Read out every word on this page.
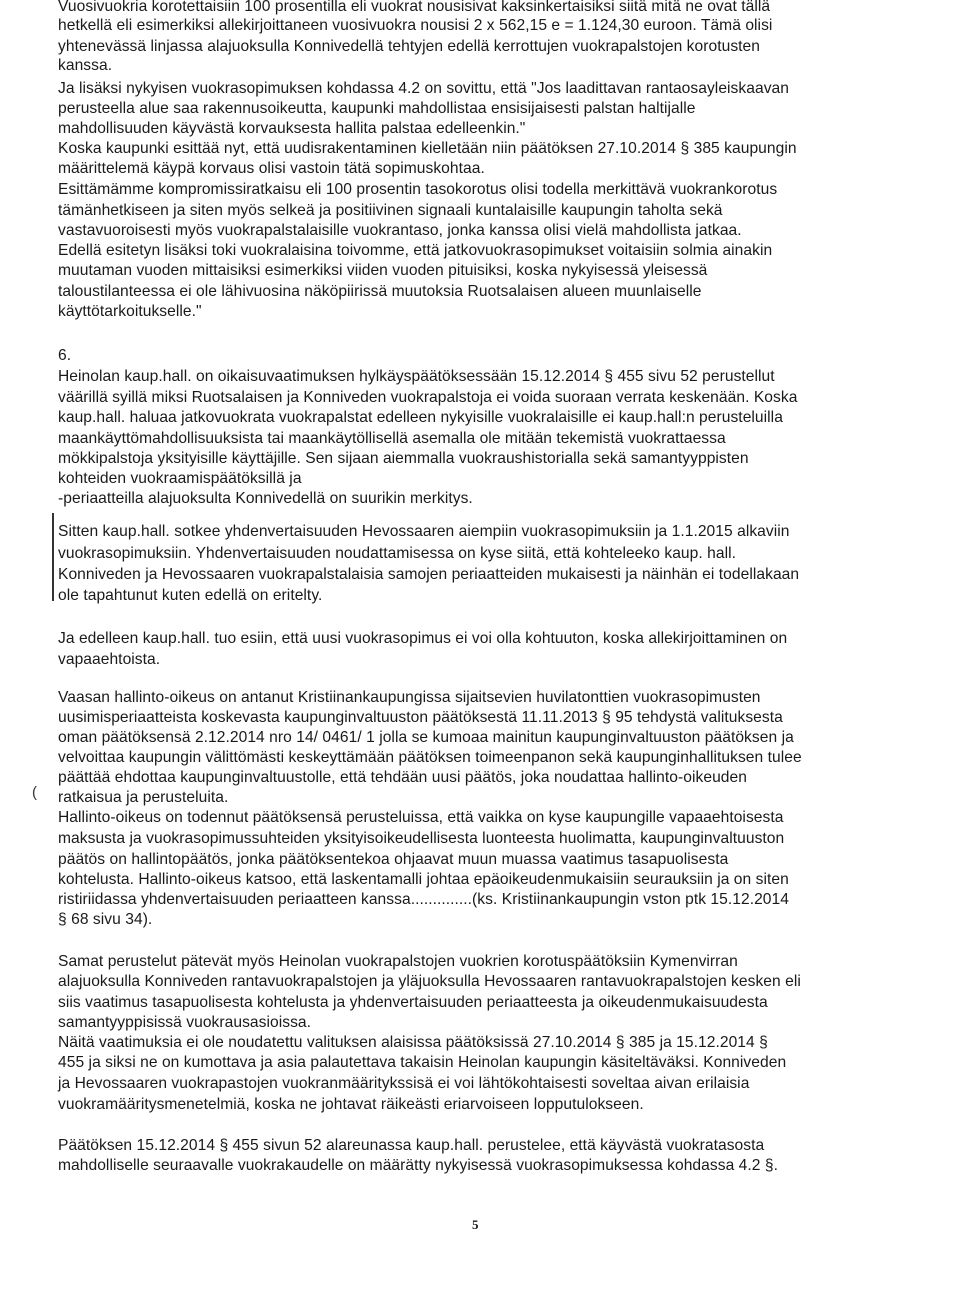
Vuosivuokria korotettaisiin 100 prosentilla eli vuokrat nousisivat kaksinkertaisiksi siitä mitä ne ovat tällä
hetkellä eli esimerkiksi allekirjoittaneen vuosivuokra nousisi 2 x 562,15 e = 1.124,30 euroon. Tämä olisi
yhtenevässä linjassa alajuoksulla Konnivedellä tehtyjen edellä kerrottujen vuokrapalstojen korotusten
kanssa.
Ja lisäksi nykyisen vuokrasopimuksen kohdassa 4.2 on sovittu, että "Jos laadittavan rantaosayleiskaavan
perusteella alue saa rakennusoikeutta, kaupunki mahdollistaa ensisijaisesti palstan haltijalle
mahdollisuuden käyvästä korvauksesta hallita palstaa edelleenkin."
Koska kaupunki esittää nyt, että uudisrakentaminen kielletään niin päätöksen 27.10.2014 § 385 kaupungin
määrittelemä käypä korvaus olisi vastoin tätä sopimuskohtaa.
Esittämämme kompromissiratkaisu eli 100 prosentin tasokorotus olisi todella merkittävä vuokrankorotus
tämänhetkiseen ja siten myös selkeä ja positiivinen signaali kuntalaisille kaupungin taholta sekä
vastavuoroisesti myös vuokrapalstalaisille vuokrantaso, jonka kanssa olisi vielä mahdollista jatkaa.
Edellä esitetyn lisäksi toki vuokralaisina toivomme, että jatkovuokrasopimukset voitaisiin solmia ainakin
muutaman vuoden mittaisiksi esimerkiksi viiden vuoden pituisiksi, koska nykyisessä yleisessä
taloustilanteessa ei ole lähivuosina näköpiirissä muutoksia Ruotsalaisen alueen muunlaiselle
käyttötarkoitukselle."
6.
Heinolan kaup.hall. on oikaisuvaatimuksen hylkäyspäätöksessään 15.12.2014 § 455 sivu 52 perustellut
väärillä syillä miksi Ruotsalaisen ja Konniveden vuokrapalstoja ei voida suoraan verrata keskenään. Koska
kaup.hall. haluaa jatkovuokrata vuokrapalstat edelleen nykyisille vuokralaisille ei kaup.hall:n perusteluilla
maankäyttömahdollisuuksista tai maankäytöllisellä asemalla ole mitään tekemistä vuokrattaessa
mökkipalstoja yksityisille käyttäjille. Sen sijaan aiemmalla vuokraushistorialla sekä samantyyppisten
kohteiden vuokraamispäätöksillä ja
-periaatteilla alajuoksulta Konnivedellä on suurikin merkitys.
Sitten kaup.hall. sotkee yhdenvertaisuuden Hevossaaren aiempiin vuokrasopimuksiin ja 1.1.2015 alkaviin
vuokrasopimuksiin. Yhdenvertaisuuden noudattamisessa on kyse siitä, että kohteleeko kaup. hall.
Konniveden ja Hevossaaren vuokrapalstalaisia samojen periaatteiden mukaisesti ja näinhän ei todellakaan
ole tapahtunut kuten edellä on eritelty.
Ja edelleen kaup.hall. tuo esiin, että uusi vuokrasopimus ei voi olla kohtuuton, koska allekirjoittaminen on
vapaaehtoista.
Vaasan hallinto-oikeus on antanut Kristiinankaupungissa sijaitsevien huvilatonttien vuokrasopimusten
uusimisperiaatteista koskevasta kaupunginvaltuuston päätöksestä 11.11.2013 § 95 tehdystä valituksesta
oman päätöksensä 2.12.2014 nro 14/ 0461/ 1 jolla se kumoaa mainitun kaupunginvaltuuston päätöksen ja
velvoittaa kaupungin välittömästi keskeyttämään päätöksen toimeenpanon sekä kaupunginhallituksen tulee
päättää ehdottaa kaupunginvaltuustolle, että tehdään uusi päätös, joka noudattaa hallinto-oikeuden
( ratkaisua ja perusteluita.
Hallinto-oikeus on todennut päätöksensä perusteluissa, että vaikka on kyse kaupungille vapaaehtoisesta
maksusta ja vuokrasopimussuhteiden yksityisoikeudellisesta luonteesta huolimatta, kaupunginvaltuuston
päätös on hallintopäätös, jonka päätöksentekoa ohjaavat muun muassa vaatimus tasapuolisesta
kohtelusta. Hallinto-oikeus katsoo, että laskentamalli johtaa epäoikeudenmukaisiin seurauksiin ja on siten
ristiriidassa yhdenvertaisuuden periaatteen kanssa..............(ks. Kristiinankaupungin vston ptk 15.12.2014
§ 68 sivu 34).
Samat perustelut pätevät myös Heinolan vuokrapalstojen vuokrien korotuspäätöksiin Kymenvirran
alajuoksulla Konniveden rantavuokrapalstojen ja yläjuoksulla Hevossaaren rantavuokrapalstojen kesken eli
siis vaatimus tasapuolisesta kohtelusta ja yhdenvertaisuuden periaatteesta ja oikeudenmukaisuudesta
samantyyppisissä vuokrausasioissa.
Näitä vaatimuksia ei ole noudatettu valituksen alaisissa päätöksissä 27.10.2014 § 385 ja 15.12.2014 §
455 ja siksi ne on kumottava ja asia palautettava takaisin Heinolan kaupungin käsiteltäväksi. Konniveden
ja Hevossaaren vuokrapastojen vuokranmääritykssisä ei voi lähtökohtaisesti soveltaa aivan erilaisia
vuokramääritysmenetelmiä, koska ne johtavat räikeästi eriarvoiseen lopputulokseen.
Päätöksen 15.12.2014 § 455 sivun 52 alareunassa kaup.hall. perustelee, että käyvästä vuokratasosta
mahdolliselle seuraavalle vuokrakaudelle on määrätty nykyisessä vuokrasopimuksessa kohdassa 4.2 §.
5
